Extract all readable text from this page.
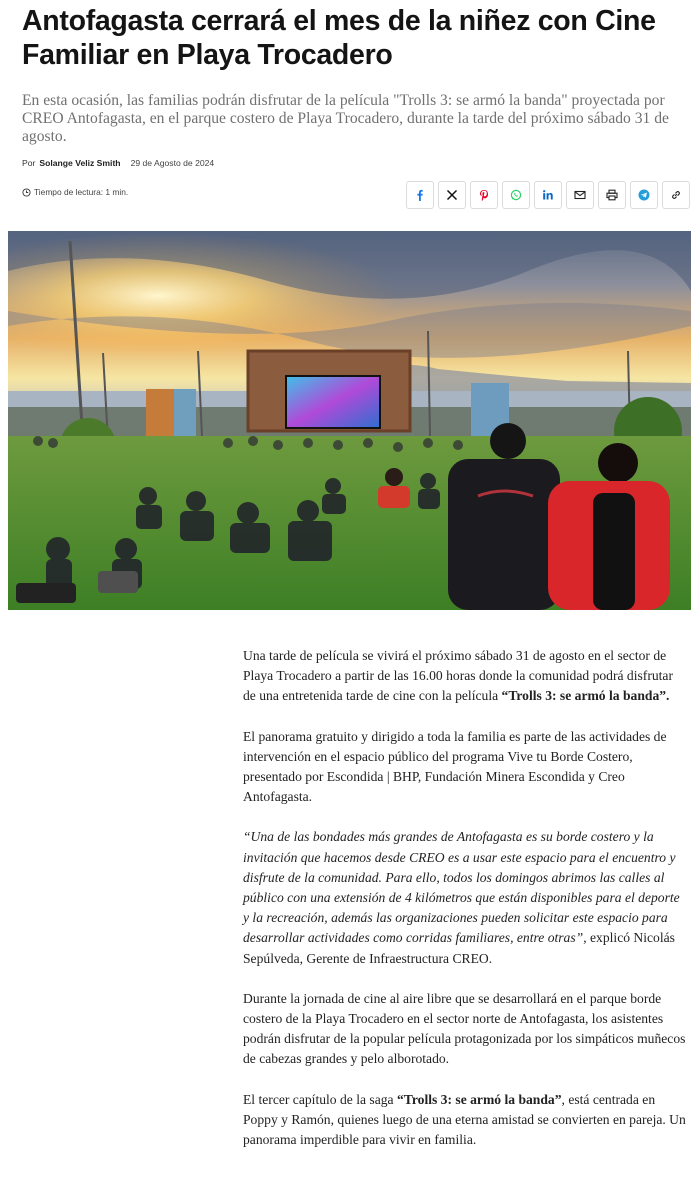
Antofagasta cerrará el mes de la niñez con Cine Familiar en Playa Trocadero

En esta ocasión, las familias podrán disfrutar de la película "Trolls 3: se armó la banda" proyectada por CREO Antofagasta, en el parque costero de Playa Trocadero, durante la tarde del próximo sábado 31 de agosto.

Por Solange Veliz Smith 29 de Agosto de 2024
Tiempo de lectura: 1 min.

Una tarde de película se vivirá el próximo sábado 31 de agosto en el sector de Playa Trocadero a partir de las 16.00 horas donde la comunidad podrá disfrutar de una entretenida tarde de cine con la película “Trolls 3: se armó la banda”.

El panorama gratuito y dirigido a toda la familia es parte de las actividades de intervención en el espacio público del programa Vive tu Borde Costero, presentado por Escondida | BHP, Fundación Minera Escondida y Creo Antofagasta.

“Una de las bondades más grandes de Antofagasta es su borde costero y la invitación que hacemos desde CREO es a usar este espacio para el encuentro y disfrute de la comunidad. Para ello, todos los domingos abrimos las calles al público con una extensión de 4 kilómetros que están disponibles para el deporte y la recreación, además las organizaciones pueden solicitar este espacio para desarrollar actividades como corridas familiares, entre otras”, explicó Nicolás Sepúlveda, Gerente de Infraestructura CREO.

Durante la jornada de cine al aire libre que se desarrollará en el parque borde costero de la Playa Trocadero en el sector norte de Antofagasta, los asistentes podrán disfrutar de la popular película protagonizada por los simpáticos muñecos de cabezas grandes y pelo alborotado.

El tercer capítulo de la saga “Trolls 3: se armó la banda”, está centrada en Poppy y Ramón, quienes luego de una eterna amistad se convierten en pareja. Un panorama imperdible para vivir en familia.
